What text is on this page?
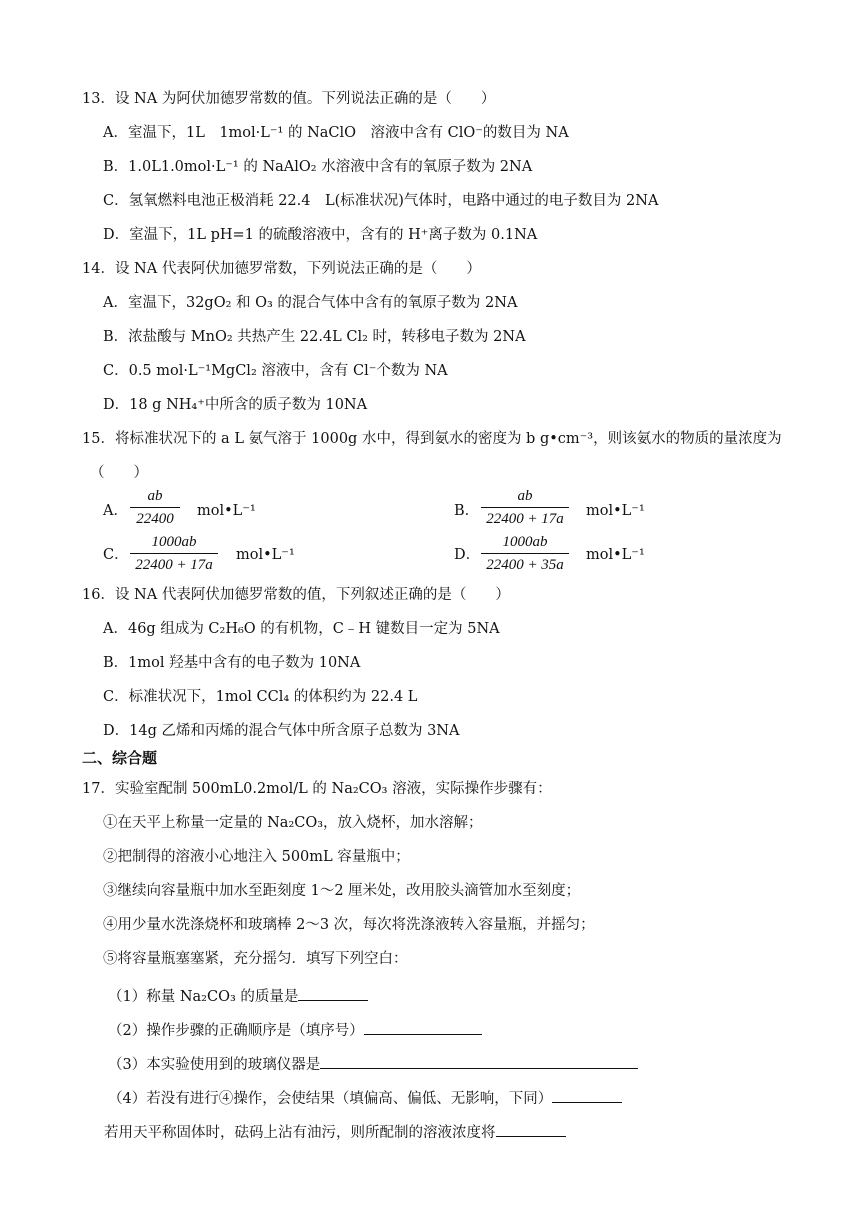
13．设 NA 为阿伏加德罗常数的值。下列说法正确的是（　　）
A．室温下，1L　1mol·L⁻¹ 的 NaClO　溶液中含有 ClO⁻的数目为 NA
B．1.0L1.0mol·L⁻¹ 的 NaAlO₂ 水溶液中含有的氧原子数为 2NA
C．氢氧燃料电池正极消耗 22.4　L(标准状况)气体时，电路中通过的电子数目为 2NA
D．室温下，1L pH=1 的硫酸溶液中，含有的 H⁺离子数为 0.1NA
14．设 NA 代表阿伏加德罗常数，下列说法正确的是（　　）
A．室温下，32gO₂ 和 O₃ 的混合气体中含有的氧原子数为 2NA
B．浓盐酸与 MnO₂ 共热产生 22.4L Cl₂ 时，转移电子数为 2NA
C．0.5 mol·L⁻¹MgCl₂ 溶液中，含有 Cl⁻个数为 NA
D．18 g NH₄⁺中所含的质子数为 10NA
15．将标准状况下的 a L 氨气溶于 1000g 水中，得到氨水的密度为 b g•cm⁻³，则该氨水的物质的量浓度为
（　　）
A．
ab
22400	mol•L⁻¹	B．
ab
22400 + 17a	mol•L⁻¹
C．
1000ab
22400 + 17a
mol•L⁻¹	D．
1000ab
22400 + 35a
mol•L⁻¹
16．设 NA 代表阿伏加德罗常数的值，下列叙述正确的是（　　）
A．46g 组成为 C₂H₆O 的有机物，C﹣H 键数目一定为 5NA
B．1mol 羟基中含有的电子数为 10NA
C．标准状况下，1mol CCl₄ 的体积约为 22.4 L
D．14g 乙烯和丙烯的混合气体中所含原子总数为 3NA
二、综合题
17．实验室配制 500mL0.2mol/L 的 Na₂CO₃ 溶液，实际操作步骤有：
①在天平上称量一定量的 Na₂CO₃，放入烧杯，加水溶解；
②把制得的溶液小心地注入 500mL 容量瓶中；
③继续向容量瓶中加水至距刻度 1～2 厘米处，改用胶头滴管加水至刻度；
④用少量水洗涤烧杯和玻璃棒 2～3 次，每次将洗涤液转入容量瓶，并摇匀；
⑤将容量瓶塞塞紧，充分摇匀．填写下列空白：
（1）称量 Na₂CO₃ 的质量是
（2）操作步骤的正确顺序是（填序号）
（3）本实验使用到的玻璃仪器是
（4）若没有进行④操作，会使结果（填偏高、偏低、无影响，下同）
若用天平称固体时，砝码上沾有油污，则所配制的溶液浓度将
